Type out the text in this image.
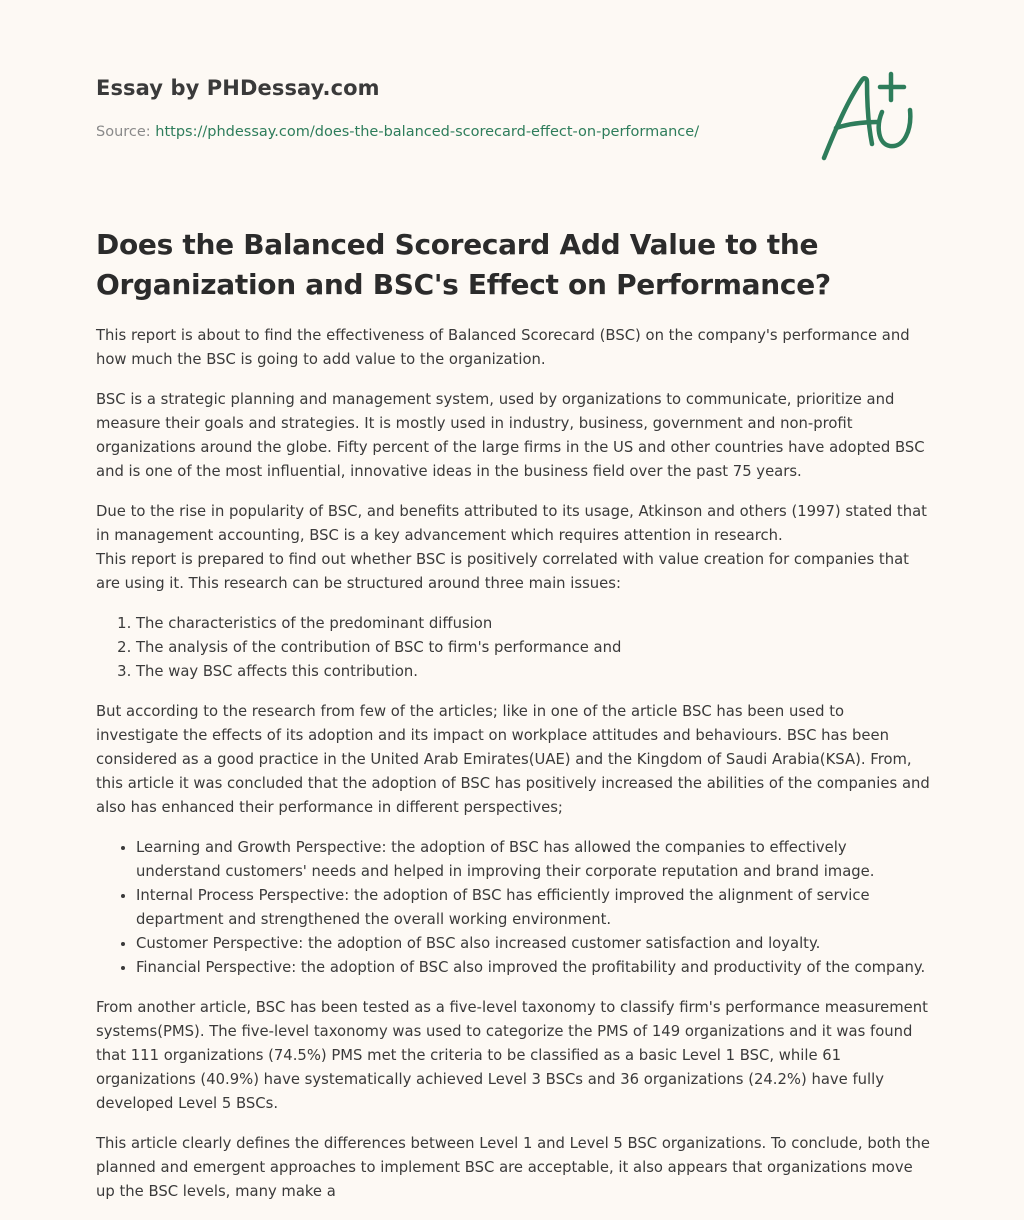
Essay by PHDessay.com
Source: https://phdessay.com/does-the-balanced-scorecard-effect-on-performance/
Does the Balanced Scorecard Add Value to the Organization and BSC's Effect on Performance?

This report is about to find the effectiveness of Balanced Scorecard (BSC) on the company's performance and how much the BSC is going to add value to the organization.

BSC is a strategic planning and management system, used by organizations to communicate, prioritize and measure their goals and strategies. It is mostly used in industry, business, government and non-profit organizations around the globe. Fifty percent of the large firms in the US and other countries have adopted BSC and is one of the most influential, innovative ideas in the business field over the past 75 years.

Due to the rise in popularity of BSC, and benefits attributed to its usage, Atkinson and others (1997) stated that in management accounting, BSC is a key advancement which requires attention in research.

This report is prepared to find out whether BSC is positively correlated with value creation for companies that are using it. This research can be structured around three main issues:

1. The characteristics of the predominant diffusion
2. The analysis of the contribution of BSC to firm's performance and
3. The way BSC affects this contribution.

But according to the research from few of the articles; like in one of the article BSC has been used to investigate the effects of its adoption and its impact on workplace attitudes and behaviours. BSC has been considered as a good practice in the United Arab Emirates(UAE) and the Kingdom of Saudi Arabia(KSA). From, this article it was concluded that the adoption of BSC has positively increased the abilities of the companies and also has enhanced their performance in different perspectives;

• Learning and Growth Perspective: the adoption of BSC has allowed the companies to effectively understand customers' needs and helped in improving their corporate reputation and brand image.
• Internal Process Perspective: the adoption of BSC has efficiently improved the alignment of service department and strengthened the overall working environment.
• Customer Perspective: the adoption of BSC also increased customer satisfaction and loyalty.
• Financial Perspective: the adoption of BSC also improved the profitability and productivity of the company.

From another article, BSC has been tested as a five-level taxonomy to classify firm's performance measurement systems(PMS). The five-level taxonomy was used to categorize the PMS of 149 organizations and it was found that 111 organizations (74.5%) PMS met the criteria to be classified as a basic Level 1 BSC, while 61 organizations (40.9%) have systematically achieved Level 3 BSCs and 36 organizations (24.2%) have fully developed Level 5 BSCs.

This article clearly defines the differences between Level 1 and Level 5 BSC organizations. To conclude, both the planned and emergent approaches to implement BSC are acceptable, it also appears that organizations move up the BSC levels, many make a
